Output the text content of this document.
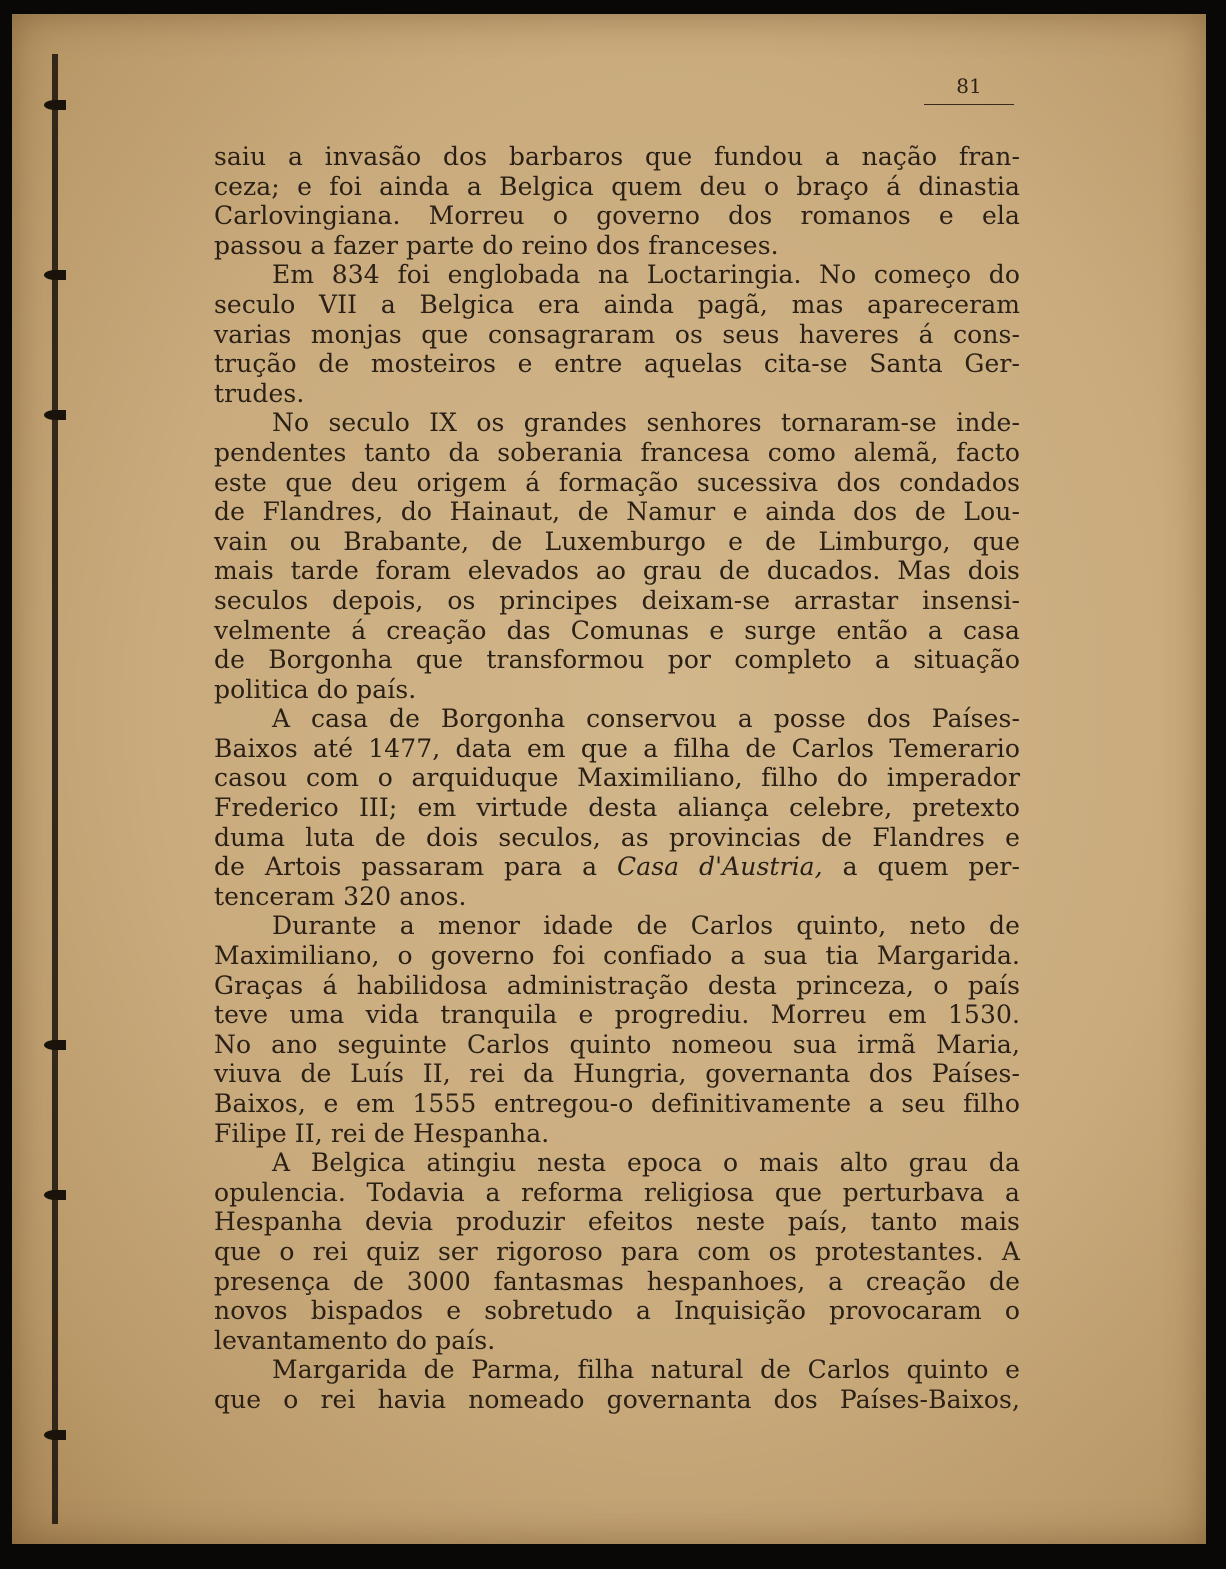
81
saiu a invasão dos barbaros que fundou a nação fran-
ceza; e foi ainda a Belgica quem deu o braço á dinastia
Carlovingiana. Morreu o governo dos romanos e ela
passou a fazer parte do reino dos franceses.
Em 834 foi englobada na Loctaringia. No começo do
seculo VII a Belgica era ainda pagã, mas apareceram
varias monjas que consagraram os seus haveres á cons-
trução de mosteiros e entre aquelas cita-se Santa Ger-
trudes.
No seculo IX os grandes senhores tornaram-se inde-
pendentes tanto da soberania francesa como alemã, facto
este que deu origem á formação sucessiva dos condados
de Flandres, do Hainaut, de Namur e ainda dos de Lou-
vain ou Brabante, de Luxemburgo e de Limburgo, que
mais tarde foram elevados ao grau de ducados. Mas dois
seculos depois, os principes deixam-se arrastar insensi-
velmente á creação das Comunas e surge então a casa
de Borgonha que transformou por completo a situação
politica do país.
A casa de Borgonha conservou a posse dos Países-
Baixos até 1477, data em que a filha de Carlos Temerario
casou com o arquiduque Maximiliano, filho do imperador
Frederico III; em virtude desta aliança celebre, pretexto
duma luta de dois seculos, as provincias de Flandres e
de Artois passaram para a Casa d'Austria, a quem per-
tenceram 320 anos.
Durante a menor idade de Carlos quinto, neto de
Maximiliano, o governo foi confiado a sua tia Margarida.
Graças á habilidosa administração desta princeza, o país
teve uma vida tranquila e progrediu. Morreu em 1530.
No ano seguinte Carlos quinto nomeou sua irmã Maria,
viuva de Luís II, rei da Hungria, governanta dos Países-
Baixos, e em 1555 entregou-o definitivamente a seu filho
Filipe II, rei de Hespanha.
A Belgica atingiu nesta epoca o mais alto grau da
opulencia. Todavia a reforma religiosa que perturbava a
Hespanha devia produzir efeitos neste país, tanto mais
que o rei quiz ser rigoroso para com os protestantes. A
presença de 3000 fantasmas hespanhoes, a creação de
novos bispados e sobretudo a Inquisição provocaram o
levantamento do país.
Margarida de Parma, filha natural de Carlos quinto e
que o rei havia nomeado governanta dos Países-Baixos,
